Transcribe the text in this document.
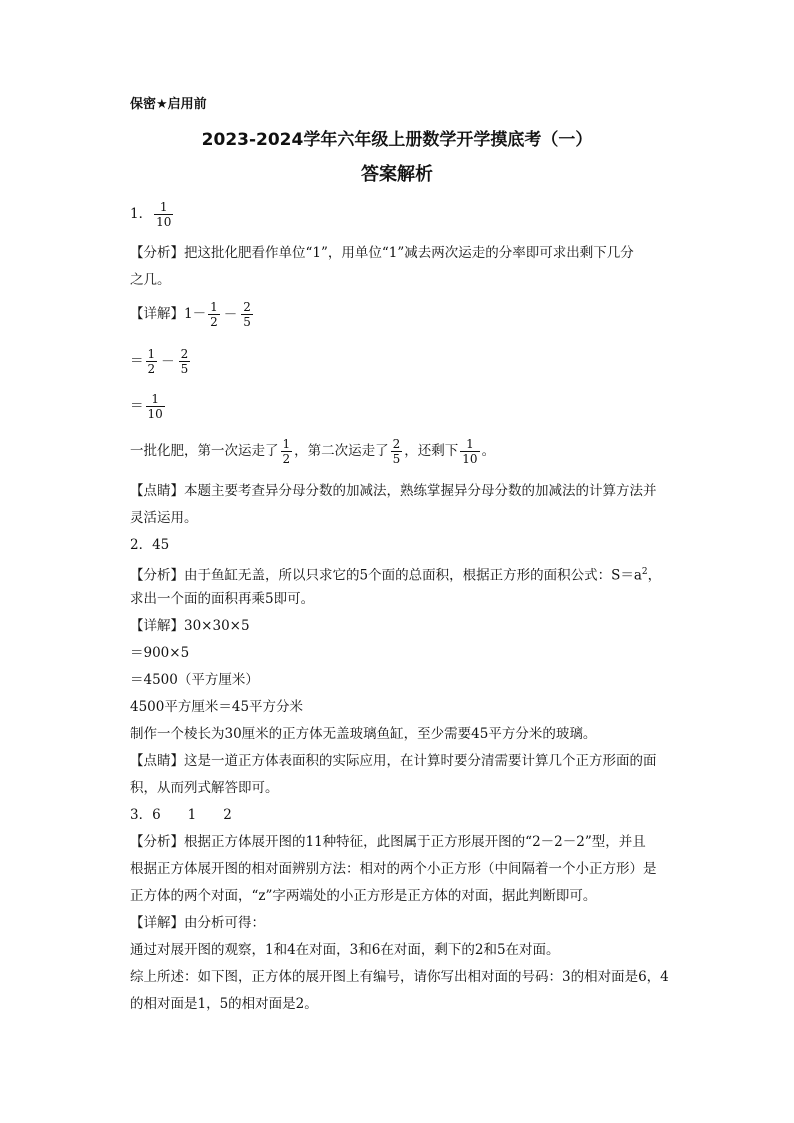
保密★启用前
2023-2024学年六年级上册数学开学摸底考（一）
答案解析
1． $\frac{1}{10}$
【分析】把这批化肥看作单位“1”，用单位“1”减去两次运走的分率即可求出剩下几分
之几。
【详解】$1- \frac{1}{2} - \frac{2}{5}$
＝ $\frac{1}{2} - \frac{2}{5}$
＝ $\frac{1}{10}$
一批化肥，第一次运走了 $\frac{1}{2}$ ，第二次运走了 $\frac{2}{5}$ ，还剩下 $\frac{1}{10}$ 。
【点睛】本题主要考查异分母分数的加减法，熟练掌握异分母分数的加减法的计算方法并
灵活运用。
2．45
【分析】由于鱼缸无盖，所以只求它的5个面的总面积，根据正方形的面积公式：$S=a^2$，
求出一个面的面积再乘5即可。
【详解】30×30×5
＝900×5
＝4500（平方厘米）
4500平方厘米＝45平方分米
制作一个棱长为30厘米的正方体无盖玻璃鱼缸，至少需要45平方分米的玻璃。
【点睛】这是一道正方体表面积的实际应用，在计算时要分清需要计算几个正方形面的面
积，从而列式解答即可。
3．6　　1　　2
【分析】根据正方体展开图的11种特征，此图属于正方形展开图的“2－2－2”型，并且
根据正方体展开图的相对面辨别方法：相对的两个小正方形（中间隔着一个小正方形）是
正方体的两个对面，“z”字两端处的小正方形是正方体的对面，据此判断即可。
【详解】由分析可得：
通过对展开图的观察，1和4在对面，3和6在对面，剩下的2和5在对面。
综上所述：如下图，正方体的展开图上有编号，请你写出相对面的号码：3的相对面是6，4
的相对面是1，5的相对面是2。
